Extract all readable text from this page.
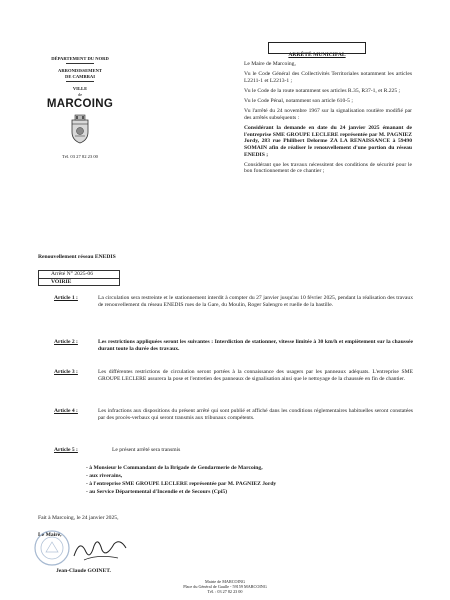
DÉPARTEMENT DU NORD
ARRONDISSEMENT
DE CAMBRAI
VILLE
de
MARCOING
Tél. 03 27 82 23 00
ARRÊTÉ MUNICIPAL

Le Maire de Marcoing,

Vu le Code Général des Collectivités Territoriales notamment les articles L2211-1 et L2213-1 ;

Vu le Code de la route notamment ses articles R.35, R37-1, et R.225 ;

Vu le Code Pénal, notamment son article 610-5 ;

Vu l'arrêté du 24 novembre 1967 sur la signalisation routière modifié par des arrêtés subséquents :

Considérant la demande en date du 24 janvier 2025 émanant de l'entreprise SME GROUPE LECLERE représentée par M. PAGNIEZ Jordy, 283 rue Philibert Delorme ZA LA RENAISSANCE à 59490 SOMAIN afin de réaliser le renouvellement d'une portion du réseau ENEDIS ;

Considérant que les travaux nécessitent des conditions de sécurité pour le bon fonctionnement de ce chantier ;

Renouvellement réseau ENEDIS
Arrêté N° 2025-06
VOIRIE
Article 1 :	La circulation sera restreinte et le stationnement interdit à compter du 27 janvier jusqu'au 10 février 2025, pendant la réalisation des travaux de renouvellement du réseau ENEDIS rues de la Gare, du Moulin, Roger Salengro et ruelle de la bastille.
Article 2 :	Les restrictions appliquées seront les suivantes : Interdiction de stationner, vitesse limitée à 30 km/h et empiètement sur la chaussée durant toute la durée des travaux.
Article 3 :	Les différentes restrictions de circulation seront portées à la connaissance des usagers par les panneaux adéquats. L'entreprise SME GROUPE LECLERE assurera la pose et l'entretien des panneaux de signalisation ainsi que le nettoyage de la chaussée en fin de chantier.
Article 4 :	Les infractions aux dispositions du présent arrêté qui sont publié et affiché dans les conditions réglementaires habituelles seront constatées par des procès-verbaux qui seront transmis aux tribunaux compétents.
Article 5 :	Le présent arrêté sera transmis
- à Monsieur le Commandant de la Brigade de Gendarmerie de Marcoing,
- aux riverains,
- à l'entreprise SME GROUPE LECLERE représentée par M. PAGNIEZ Jordy
- au Service Départemental d'Incendie et de Secours (Cpi5)
Fait à Marcoing, le 24 janvier 2025,
Le Maire,
Jean-Claude GOINET.
Mairie de MARCOING
Place du Général de Gaulle - 59159 MARCOING
Tél. : 03 27 82 23 00
